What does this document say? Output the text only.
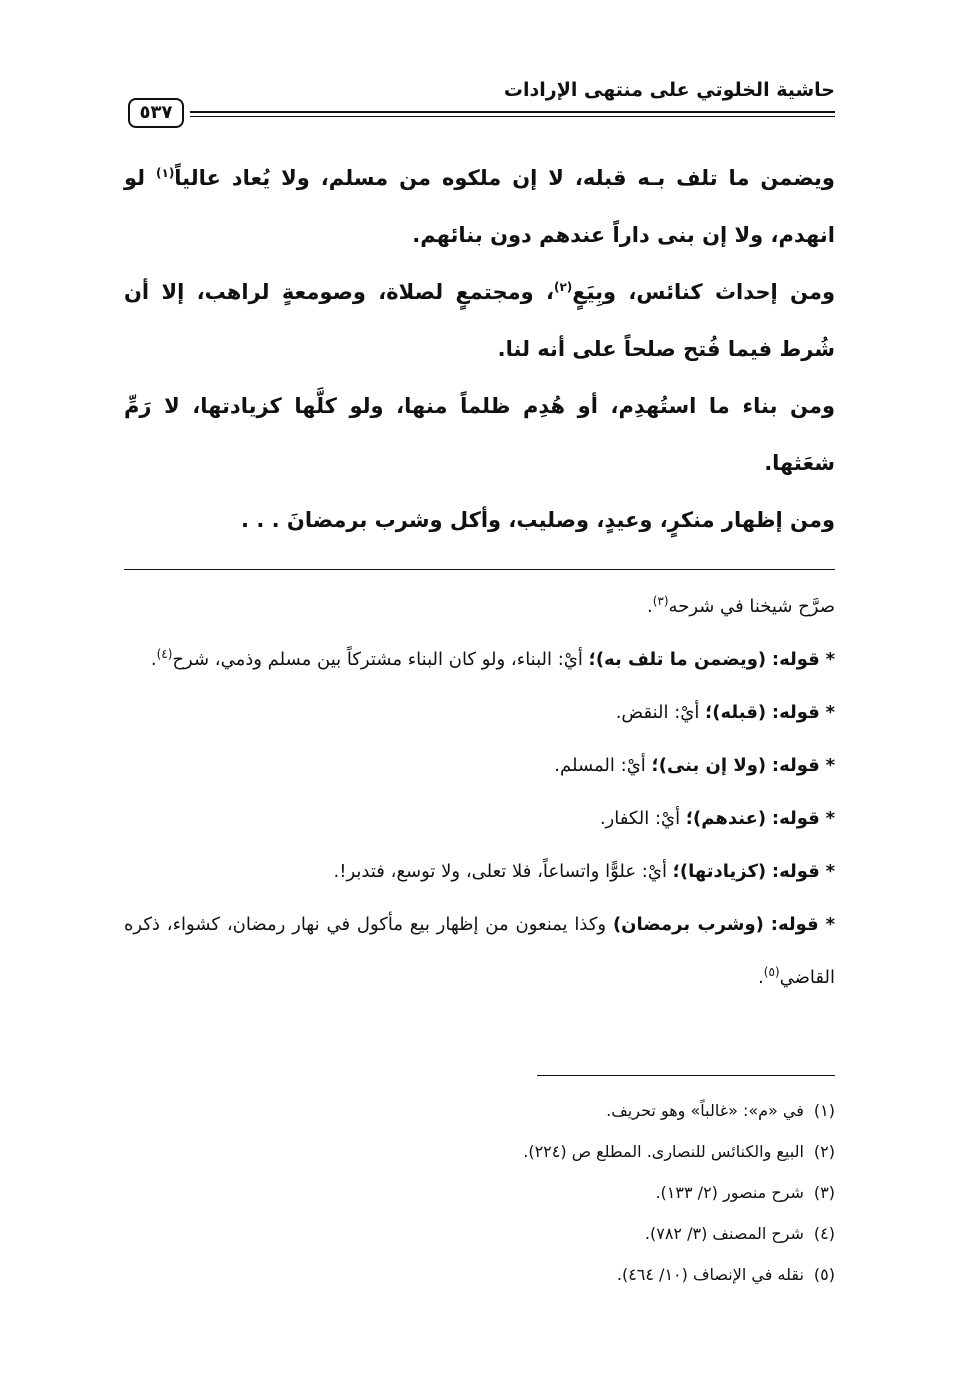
حاشية الخلوتي على منتهى الإرادات
٥٣٧

ويضمن ما تلف بـه قبله، لا إن ملكوه من مسلم، ولا يُعاد عالياً$^{(١)}$ لو انهدم، ولا إن بنى داراً عندهم دون بنائهم.

ومن إحداث كنائس، وبِيَعٍ$^{(٢)}$، ومجتمعٍ لصلاة، وصومعةٍ لراهب، إلا أن شُرط فيما فُتح صلحاً على أنه لنا.

ومن بناء ما استُهدِم، أو هُدِم ظلماً منها، ولو كلَّها كزيادتها، لا رَمِّ شعَثها.

ومن إظهار منكرٍ، وعيدٍ، وصليب، وأكل وشرب برمضانَ . . .

صرَّح شيخنا في شرحه$^{(٣)}$.

* قوله: (ويضمن ما تلف به)؛ أيْ: البناء، ولو كان البناء مشتركاً بين مسلم وذمي، شرح$^{(٤)}$.

* قوله: (قبله)؛ أيْ: النقض.

* قوله: (ولا إن بنى)؛ أيْ: المسلم.

* قوله: (عندهم)؛ أيْ: الكفار.

* قوله: (كزيادتها)؛ أيْ: علوًّا واتساعاً، فلا تعلى، ولا توسع، فتدبر!.

* قوله: (وشرب برمضان) وكذا يمنعون من إظهار بيع مأكول في نهار رمضان، كشواء، ذكره القاضي$^{(٥)}$.

(١)في «م»: «غالباً» وهو تحريف.

(٢)البيع والكنائس للنصارى. المطلع ص (٢٢٤).

(٣)شرح منصور (٢/ ١٣٣).

(٤)شرح المصنف (٣/ ٧٨٢).

(٥)نقله في الإنصاف (١٠/ ٤٦٤).
